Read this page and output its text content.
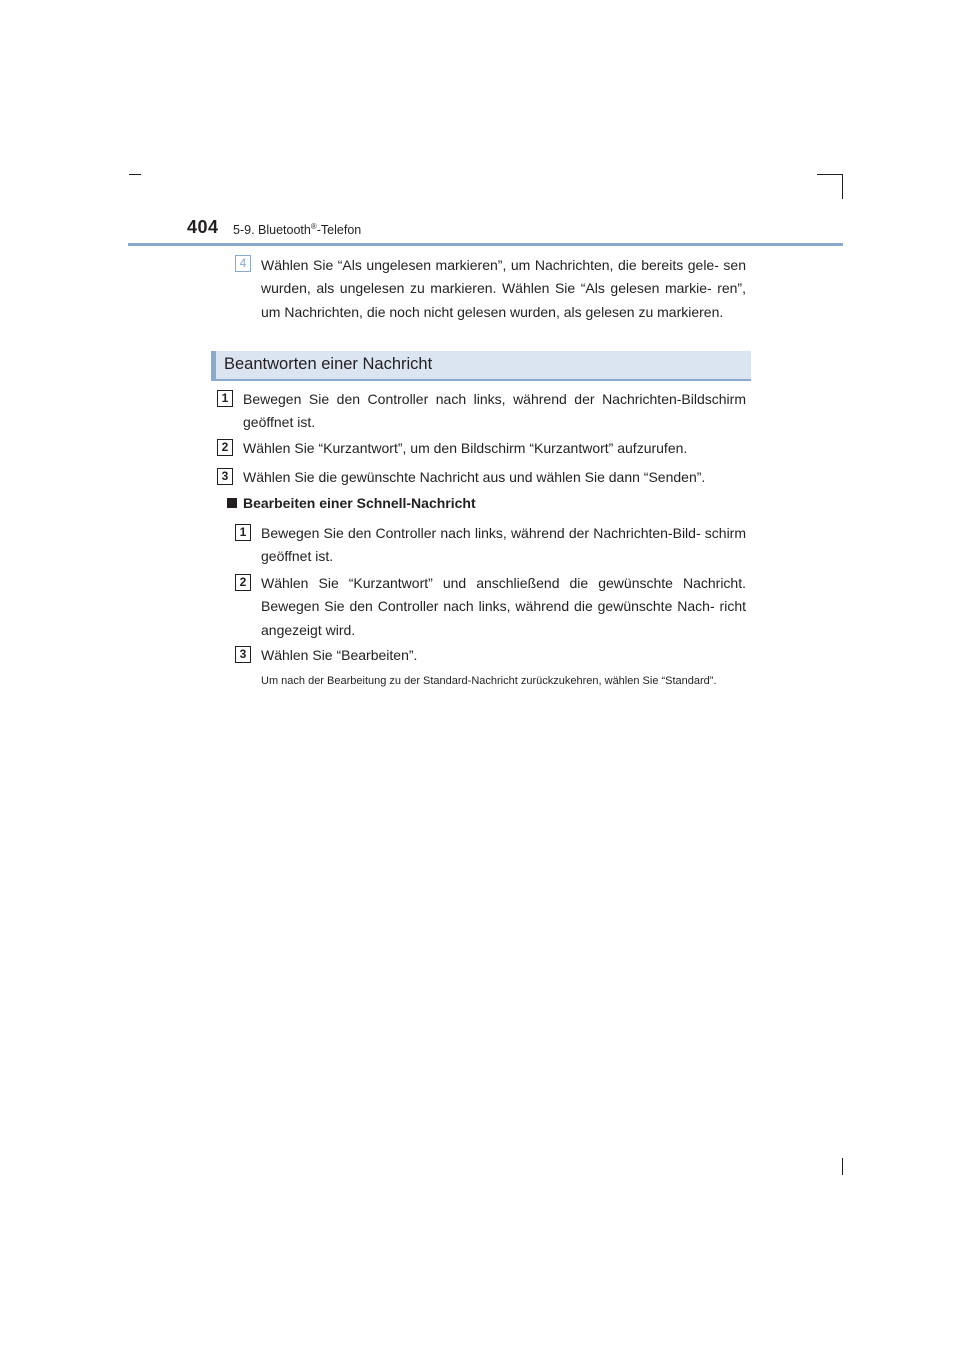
404 5-9. Bluetooth®-Telefon
4	Wählen Sie “Als ungelesen markieren”, um Nachrichten, die bereits gele- sen wurden, als ungelesen zu markieren. Wählen Sie “Als gelesen markie- ren”, um Nachrichten, die noch nicht gelesen wurden, als gelesen zu markieren.
Beantworten einer Nachricht
1	Bewegen Sie den Controller nach links, während der Nachrichten-Bildschirm geöffnet ist.
2	Wählen Sie “Kurzantwort”, um den Bildschirm “Kurzantwort” aufzurufen.
3	Wählen Sie die gewünschte Nachricht aus und wählen Sie dann “Senden”.
Bearbeiten einer Schnell-Nachricht
1	Bewegen Sie den Controller nach links, während der Nachrichten-Bild- schirm geöffnet ist.
2	Wählen Sie “Kurzantwort” und anschließend die gewünschte Nachricht. Bewegen Sie den Controller nach links, während die gewünschte Nach- richt angezeigt wird.
3	Wählen Sie “Bearbeiten”.
Um nach der Bearbeitung zu der Standard-Nachricht zurückzukehren, wählen Sie “Standard”.
